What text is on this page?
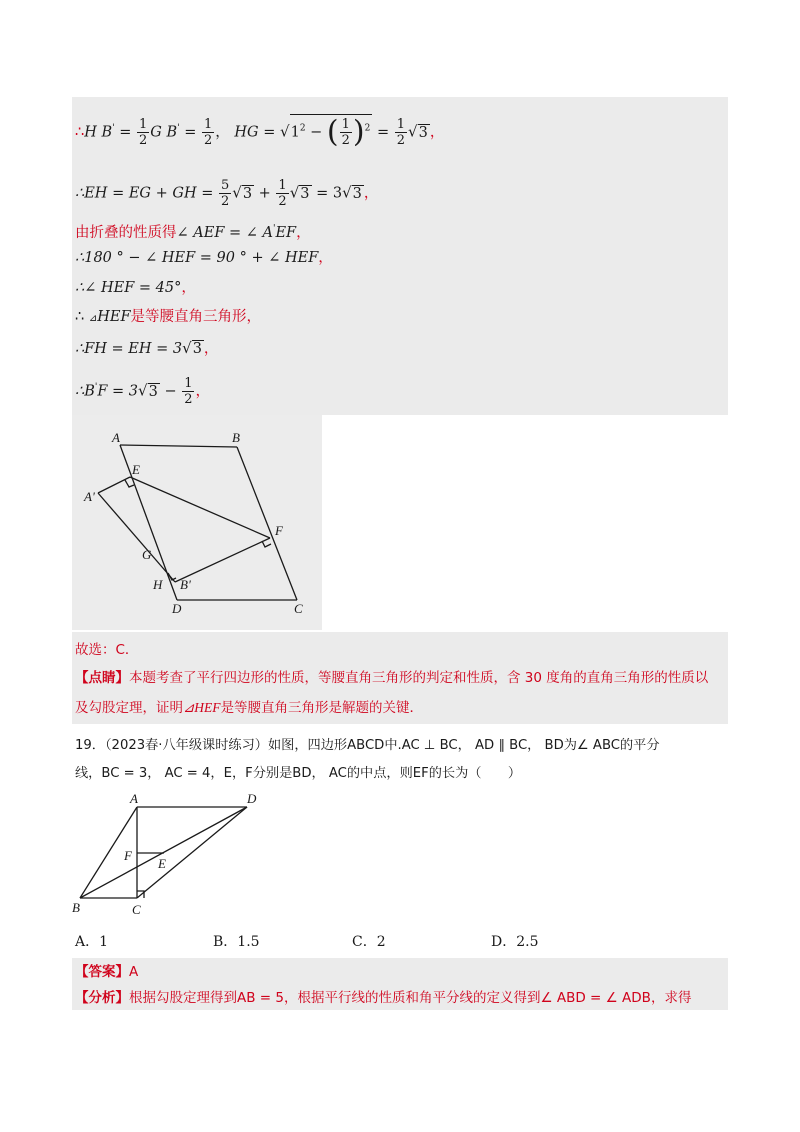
∴H $B' = \frac{1}{2}$ G $B' = \frac{1}{2}$ ， HG = $√1^2$ − ( $\frac{1}{2} )^2 = \frac{1}{2} √3$ ，
∴EH = EG + GH = $\frac{5}{2} √3 + \frac{1}{2} √3 = 3√3$ ，
由折叠的性质得∠ AEF = ∠ A'EF，
∴180 ° − ∠ HEF = 90 ° + ∠ HEF，
∴∠ HEF = 45°，
∴ ⊿HEF是等腰直角三角形，
∴FH = EH = 3√3 ，
∴B'F = $3√3 - \frac{1}{2}$ ，
A	B
E
A'
F
G
H B'
D	C
故选：C．
【点睛】本题考查了平行四边形的性质，等腰直角三角形的判定和性质，含 30 度角的直角三角形的性质以
及勾股定理，证明⊿HEF是等腰直角三角形是解题的关键．
19．（2023春·八年级课时练习）如图，四边形ABCD中.AC ⊥ BC， AD ∥ BC， BD为∠ ABC的平分
线，BC = 3， AC = 4，E，F分别是BD， AC的中点，则EF的长为（　　）
A	D
F
E
B	C
A．1	B．1.5	C．2	D．2.5
【答案】A
【分析】根据勾股定理得到AB = 5，根据平行线的性质和角平分线的定义得到∠ ABD = ∠ ADB，求得
